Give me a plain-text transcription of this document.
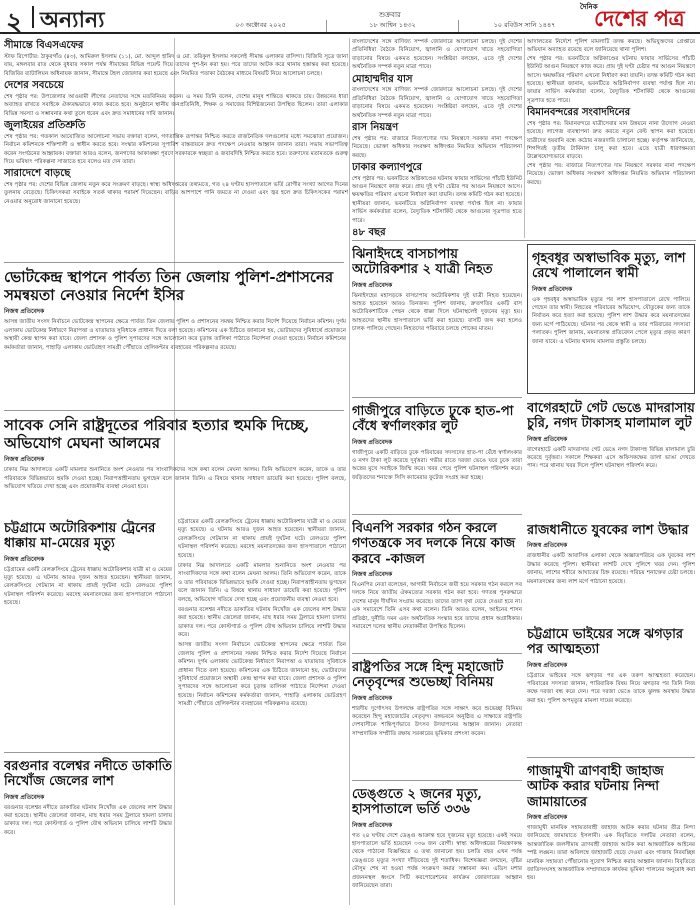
২ অন্যান্য	শুক্রবার
০৩ অক্টোবর ২০২৫	১৮ আশ্বিন ১৪৩২	১০ রবিউস সানি ১৪৪৭
দৈনিক
দেশের পত্র
সীমান্তে বিএসএফের
স্টাফ রিপোর্টার: ঠাকুরগাঁও (৪৩), আমিরুল ইসলাম (১১), মো. আব্দুল হামিদ ও মো. তরিকুল ইসলাম সকলেই সীমান্ত এলাকার বাসিন্দা। বিজিবি সূত্রে জানা যায়, মঙ্গলবার রাত থেকে বুধবার সকাল পর্যন্ত সীমান্তের বিভিন্ন পয়েন্ট দিয়ে তাদের পুশ-ইন করা হয়। পরে তাদের আটক করে থানায় হস্তান্তর করা হয়েছে। বিজিবির ব্যাটালিয়ন অধিনায়ক জানান, সীমান্তে টহল জোরদার করা হয়েছে এবং নিয়মিত পতাকা বৈঠকের মাধ্যমে বিষয়টি নিয়ে আলোচনা চলছে।
দেশের সবচেয়ে
শেষ পৃষ্ঠার পর: উপজেলার আওয়ামী লীগের নেতাদের সঙ্গে মতবিনিময় করেন। এ সময় তিনি বলেন, দেশের মানুষ শান্তিতে থাকতে চায়। উন্নয়নের ধারা অব্যাহত রাখতে সবাইকে ঐক্যবদ্ধভাবে কাজ করতে হবে। অনুষ্ঠানে স্থানীয় জনপ্রতিনিধি, শিক্ষক ও সমাজের বিশিষ্টজনেরা উপস্থিত ছিলেন। তারা এলাকার বিভিন্ন সমস্যা ও সম্ভাবনার কথা তুলে ধরেন এবং দ্রুত সমাধানের দাবি জানান।
জুলাইয়ের প্রতিশ্রুতি
শেষ পৃষ্ঠার পর: গতকাল আয়োজিত আলোচনা সভায় বক্তারা বলেন, গণতান্ত্রিক রূপান্তর নিশ্চিত করতে রাজনৈতিক দলগুলোর মধ্যে সমঝোতা প্রয়োজন। নির্বাচন কমিশনকে শক্তিশালী ও স্বাধীন করতে হবে। সংস্কার কমিশনের সুপারিশ বাস্তবায়নে দ্রুত পদক্ষেপ নেওয়ার আহ্বান জানান তারা। সভায় সভাপতিত্ব করেন সংগঠনের আহ্বায়ক। বক্তারা আরও বলেন, জনগণের আকাঙ্ক্ষা পূরণে সরকারকে স্বচ্ছতা ও জবাবদিহি নিশ্চিত করতে হবে। তরুণদের মতামতকে গুরুত্ব দিয়ে ভবিষ্যৎ পরিকল্পনা সাজাতে হবে বলেও মত দেন তারা।
সারাদেশে বাড়ছে
শেষ পৃষ্ঠার পর: দেশের বিভিন্ন জেলায় নতুন করে সংক্রমণ বাড়ছে। স্বাস্থ্য অধিদপ্তরের তথ্যমতে, গত ২৪ ঘণ্টায় হাসপাতালে ভর্তি রোগীর সংখ্যা আগের দিনের তুলনায় বেড়েছে। চিকিৎসকরা সবাইকে সতর্ক থাকার পরামর্শ দিয়েছেন। বাড়ির আশপাশে পানি জমতে না দেওয়া এবং জ্বর হলে দ্রুত চিকিৎসকের পরামর্শ নেওয়ার অনুরোধ জানানো হয়েছে।
ভোটকেন্দ্র স্থাপনে পার্বত্য তিন জেলায় পুলিশ-প্রশাসনের সমন্বয়তা নেওয়ার নির্দেশ ইসির
নিজস্ব প্রতিবেদক
আসন্ন জাতীয় সংসদ নির্বাচনে ভোটকেন্দ্র স্থাপনের ক্ষেত্রে পার্বত্য তিন জেলায় পুলিশ ও প্রশাসনের সমন্বয় নিশ্চিত করার নির্দেশ দিয়েছে নির্বাচন কমিশন। দুর্গম এলাকায় ভোটকেন্দ্র নির্ধারণে নিরাপত্তা ও যাতায়াত সুবিধাকে প্রাধান্য দিতে বলা হয়েছে। কমিশনের এক চিঠিতে জানানো হয়, ভোটারদের সুবিধার্থে প্রয়োজনে অস্থায়ী কেন্দ্র স্থাপন করা যাবে। জেলা প্রশাসক ও পুলিশ সুপারদের সঙ্গে আলোচনা করে চূড়ান্ত তালিকা পাঠাতে নির্দেশনা দেওয়া হয়েছে। নির্বাচন কমিশনের কর্মকর্তারা জানান, পাহাড়ি এলাকায় ভোটগ্রহণ সামগ্রী পৌঁছাতে হেলিকপ্টার ব্যবহারের পরিকল্পনাও রয়েছে।
সাবেক সেনি রাষ্ট্রদূতের পরিবার হত্যার হুমকি দিচ্ছে, অভিযোগ মেঘনা আলমের
নিজস্ব প্রতিবেদক
ঢাকার নিম্ন আদালতে একটি মামলার শুনানিতে অংশ নেওয়ার পর সাংবাদিকদের সঙ্গে কথা বলেন মেঘনা আলম। তিনি অভিযোগ করেন, তাকে ও তার পরিবারকে বিভিন্নভাবে হুমকি দেওয়া হচ্ছে। নিরাপত্তাহীনতায় ভুগছেন বলে জানান তিনি। এ বিষয়ে থানায় সাধারণ ডায়েরি করা হয়েছে। পুলিশ বলছে, অভিযোগ খতিয়ে দেখা হচ্ছে এবং প্রয়োজনীয় ব্যবস্থা নেওয়া হবে।
চট্টগ্রামে অটোরিকশায় ট্রেনের ধাক্কায় মা-মেয়ের মৃত্যু
নিজস্ব প্রতিবেদক
চট্টগ্রামের একটি রেলক্রসিংয়ে ট্রেনের ধাক্কায় অটোরিকশার যাত্রী মা ও মেয়ের মৃত্যু হয়েছে। এ ঘটনায় আরও দুজন আহত হয়েছেন। স্থানীয়রা জানান, রেলক্রসিংয়ে গেটম্যান না থাকায় প্রায়ই দুর্ঘটনা ঘটে। রেলওয়ে পুলিশ ঘটনাস্থল পরিদর্শন করেছে। মরদেহ ময়নাতদন্তের জন্য হাসপাতালে পাঠানো হয়েছে।
বরগুনার বলেশ্বর নদীতে ডাকাতি নিখোঁজ জেলের লাশ
নিজস্ব প্রতিবেদক
বরগুনার বলেশ্বর নদীতে ডাকাতির ঘটনায় নিখোঁজ এক জেলের লাশ উদ্ধার করা হয়েছে। স্থানীয় জেলেরা জানান, মাছ ধরার সময় ট্রলারে হামলা চালায় ডাকাত দল। পরে কোস্টগার্ড ও পুলিশ যৌথ অভিযান চালিয়ে লাশটি উদ্ধার করে।
চট্টগ্রামের একটি রেলক্রসিংয়ে ট্রেনের ধাক্কায় অটোরিকশার যাত্রী মা ও মেয়ের মৃত্যু হয়েছে। এ ঘটনায় আরও দুজন আহত হয়েছেন। স্থানীয়রা জানান, রেলক্রসিংয়ে গেটম্যান না থাকায় প্রায়ই দুর্ঘটনা ঘটে। রেলওয়ে পুলিশ ঘটনাস্থল পরিদর্শন করেছে। মরদেহ ময়নাতদন্তের জন্য হাসপাতালে পাঠানো হয়েছে।
ঢাকার নিম্ন আদালতে একটি মামলার শুনানিতে অংশ নেওয়ার পর সাংবাদিকদের সঙ্গে কথা বলেন মেঘনা আলম। তিনি অভিযোগ করেন, তাকে ও তার পরিবারকে বিভিন্নভাবে হুমকি দেওয়া হচ্ছে। নিরাপত্তাহীনতায় ভুগছেন বলে জানান তিনি। এ বিষয়ে থানায় সাধারণ ডায়েরি করা হয়েছে। পুলিশ বলছে, অভিযোগ খতিয়ে দেখা হচ্ছে এবং প্রয়োজনীয় ব্যবস্থা নেওয়া হবে।
বরগুনার বলেশ্বর নদীতে ডাকাতির ঘটনায় নিখোঁজ এক জেলের লাশ উদ্ধার করা হয়েছে। স্থানীয় জেলেরা জানান, মাছ ধরার সময় ট্রলারে হামলা চালায় ডাকাত দল। পরে কোস্টগার্ড ও পুলিশ যৌথ অভিযান চালিয়ে লাশটি উদ্ধার করে।
আসন্ন জাতীয় সংসদ নির্বাচনে ভোটকেন্দ্র স্থাপনের ক্ষেত্রে পার্বত্য তিন জেলায় পুলিশ ও প্রশাসনের সমন্বয় নিশ্চিত করার নির্দেশ দিয়েছে নির্বাচন কমিশন। দুর্গম এলাকায় ভোটকেন্দ্র নির্ধারণে নিরাপত্তা ও যাতায়াত সুবিধাকে প্রাধান্য দিতে বলা হয়েছে। কমিশনের এক চিঠিতে জানানো হয়, ভোটারদের সুবিধার্থে প্রয়োজনে অস্থায়ী কেন্দ্র স্থাপন করা যাবে। জেলা প্রশাসক ও পুলিশ সুপারদের সঙ্গে আলোচনা করে চূড়ান্ত তালিকা পাঠাতে নির্দেশনা দেওয়া হয়েছে। নির্বাচন কমিশনের কর্মকর্তারা জানান, পাহাড়ি এলাকায় ভোটগ্রহণ সামগ্রী পৌঁছাতে হেলিকপ্টার ব্যবহারের পরিকল্পনাও রয়েছে।
বাংলাদেশের সঙ্গে বাণিজ্য সম্পর্ক জোরদারে আলোচনা চলছে। দুই দেশের প্রতিনিধিরা বৈঠকে বিনিয়োগ, জ্বালানি ও যোগাযোগ খাতে সহযোগিতা বাড়ানোর বিষয়ে একমত হয়েছেন। সংশ্লিষ্টরা বলছেন, এতে দুই দেশের অর্থনৈতিক সম্পর্ক নতুন মাত্রা পাবে।
মোহাম্মদীর যাস
বাংলাদেশের সঙ্গে বাণিজ্য সম্পর্ক জোরদারে আলোচনা চলছে। দুই দেশের প্রতিনিধিরা বৈঠকে বিনিয়োগ, জ্বালানি ও যোগাযোগ খাতে সহযোগিতা বাড়ানোর বিষয়ে একমত হয়েছেন। সংশ্লিষ্টরা বলছেন, এতে দুই দেশের অর্থনৈতিক সম্পর্ক নতুন মাত্রা পাবে।
রাস নিয়ন্ত্রণ
শেষ পৃষ্ঠার পর: বাজারে নিত্যপণ্যের দাম নিয়ন্ত্রণে সরকার নানা পদক্ষেপ নিয়েছে। ভোক্তা অধিকার সংরক্ষণ অধিদপ্তর নিয়মিত অভিযান পরিচালনা করছে।
ঢাকার কল্যাণপুরে
শেষ পৃষ্ঠার পর: ভবনটিতে অগ্নিকাণ্ডের ঘটনায় ফায়ার সার্ভিসের পাঁচটি ইউনিট আগুন নিয়ন্ত্রণে কাজ করে। প্রায় দুই ঘণ্টা চেষ্টার পর আগুন নিয়ন্ত্রণে আসে। ক্ষয়ক্ষতির পরিমাণ এখনো নির্ধারণ করা যায়নি। তদন্ত কমিটি গঠন করা হয়েছে। স্থানীয়রা জানান, ভবনটিতে অগ্নিনির্বাপণ ব্যবস্থা পর্যাপ্ত ছিল না। ফায়ার সার্ভিস কর্মকর্তারা বলেন, বৈদ্যুতিক শর্টসার্কিট থেকে আগুনের সূত্রপাত হতে পারে।
৪৮ বছর
আদালতের নির্দেশে পুলিশ মামলাটি তদন্ত করছে। অভিযুক্তদের গ্রেপ্তারে অভিযান অব্যাহত রয়েছে বলে জানিয়েছে থানা পুলিশ।
শেষ পৃষ্ঠার পর: ভবনটিতে অগ্নিকাণ্ডের ঘটনায় ফায়ার সার্ভিসের পাঁচটি ইউনিট আগুন নিয়ন্ত্রণে কাজ করে। প্রায় দুই ঘণ্টা চেষ্টার পর আগুন নিয়ন্ত্রণে আসে। ক্ষয়ক্ষতির পরিমাণ এখনো নির্ধারণ করা যায়নি। তদন্ত কমিটি গঠন করা হয়েছে। স্থানীয়রা জানান, ভবনটিতে অগ্নিনির্বাপণ ব্যবস্থা পর্যাপ্ত ছিল না। ফায়ার সার্ভিস কর্মকর্তারা বলেন, বৈদ্যুতিক শর্টসার্কিট থেকে আগুনের সূত্রপাত হতে পারে।
বিমানবন্দরের সংবাদদিনের
শেষ পৃষ্ঠার পর: বিমানবন্দরে যাত্রীসেবার মান উন্নয়নে নানা উদ্যোগ নেওয়া হয়েছে। লাগেজ ব্যবস্থাপনা দ্রুত করতে নতুন বেল্ট স্থাপন করা হয়েছে। যাত্রীদের হয়রানি বন্ধে কঠোর নজরদারি চালানো হচ্ছে। কর্তৃপক্ষ জানিয়েছে, শিগগিরই তৃতীয় টার্মিনাল চালু করা হবে। এতে যাত্রী ধারণক্ষমতা উল্লেখযোগ্যভাবে বাড়বে।
শেষ পৃষ্ঠার পর: বাজারে নিত্যপণ্যের দাম নিয়ন্ত্রণে সরকার নানা পদক্ষেপ নিয়েছে। ভোক্তা অধিকার সংরক্ষণ অধিদপ্তর নিয়মিত অভিযান পরিচালনা করছে।
ঝিনাইদহে বাসচাপায় অটোরিকশার ২ যাত্রী নিহত
নিজস্ব প্রতিবেদক
ঝিনাইদহের মহাসড়কে বাসচাপায় অটোরিকশার দুই যাত্রী নিহত হয়েছেন। আহত হয়েছেন আরও তিনজন। পুলিশ জানায়, দ্রুতগতির একটি বাস অটোরিকশাটিকে পেছন থেকে ধাক্কা দিলে ঘটনাস্থলেই দুজনের মৃত্যু হয়। আহতদের স্থানীয় হাসপাতালে ভর্তি করা হয়েছে। বাসটি জব্দ করা হলেও চালক পালিয়ে গেছেন। নিহতদের পরিবারে চলছে শোকের মাতম।
গৃহবধূর অস্বাভাবিক মৃত্যু, লাশ রেখে পালালেন স্বামী
নিজস্ব প্রতিবেদক
এক গৃহবধূর অস্বাভাবিক মৃত্যুর পর লাশ হাসপাতালে রেখে পালিয়ে গেছেন তার স্বামী। নিহতের পরিবারের অভিযোগ, যৌতুকের জন্য তাকে নির্যাতন করে হত্যা করা হয়েছে। পুলিশ লাশ উদ্ধার করে ময়নাতদন্তের জন্য মর্গে পাঠিয়েছে। ঘটনার পর থেকে স্বামী ও তার পরিবারের সদস্যরা পলাতক। পুলিশ জানায়, ময়নাতদন্ত প্রতিবেদন পেলে মৃত্যুর প্রকৃত কারণ জানা যাবে। এ ঘটনায় থানায় মামলার প্রস্তুতি চলছে।
গাজীপুরে বাড়িতে ঢুকে হাত-পা বেঁধে স্বর্ণালংকার লুট
নিজস্ব প্রতিবেদক
গাজীপুরে একটি বাড়িতে ঢুকে পরিবারের সদস্যদের হাত-পা বেঁধে স্বর্ণালংকার ও নগদ টাকা লুট করেছে দুর্বৃত্তরা। গভীর রাতে দরজা ভেঙে ঘরে ঢুকে তারা অস্ত্রের মুখে সবাইকে জিম্মি করে। খবর পেয়ে পুলিশ ঘটনাস্থল পরিদর্শন করে। জড়িতদের শনাক্তে সিসি ক্যামেরার ফুটেজ সংগ্রহ করা হচ্ছে।
বাগেরহাটে গেট ভেঙে মাদরাসায় চুরি, নগদ টাকাসহ মালামাল লুট
নিজস্ব প্রতিবেদক
বাগেরহাটে একটি মাদরাসার গেট ভেঙে নগদ টাকাসহ বিভিন্ন মালামাল চুরি করেছে দুর্বৃত্তরা। সকালে শিক্ষকরা এসে অফিসকক্ষের তালা ভাঙা দেখতে পান। পরে থানায় খবর দিলে পুলিশ ঘটনাস্থল পরিদর্শন করে।
বিএনপি সরকার গঠন করলে গণতন্ত্রকে সব দলকে নিয়ে কাজ করবে -কাজল
নিজস্ব প্রতিবেদক
বিএনপির নেতা বলেছেন, আগামী নির্বাচনে জয়ী হয়ে সরকার গঠন করলে সব দলকে নিয়ে জাতীয় ঐকমত্যের সরকার গঠন করা হবে। গণতন্ত্র পুনরুদ্ধারে দেশের মানুষ দীর্ঘদিন সংগ্রাম করেছে। তাদের ত্যাগ বৃথা যেতে দেওয়া হবে না। এক সমাবেশে তিনি এসব কথা বলেন। তিনি আরও বলেন, আইনের শাসন প্রতিষ্ঠা, দুর্নীতি দমন এবং অর্থনৈতিক সংস্কার হবে তাদের প্রধান অগ্রাধিকার। সমাবেশে দলের স্থানীয় নেতাকর্মীরা উপস্থিত ছিলেন।
রাজধানীতে যুবকের লাশ উদ্ধার
নিজস্ব প্রতিবেদক
রাজধানীর একটি আবাসিক এলাকা থেকে অজ্ঞাতপরিচয় এক যুবকের লাশ উদ্ধার করেছে পুলিশ। স্থানীয়রা লাশটি দেখে পুলিশে খবর দেন। পুলিশ জানায়, লাশের শরীরে আঘাতের চিহ্ন রয়েছে। পরিচয় শনাক্তের চেষ্টা চলছে। ময়নাতদন্তের জন্য লাশ মর্গে পাঠানো হয়েছে।
রাষ্ট্রপতির সঙ্গে হিন্দু মহাজোট নেতৃবৃন্দের শুভেচ্ছা বিনিময়
নিজস্ব প্রতিবেদক
শারদীয় দুর্গোৎসব উপলক্ষে রাষ্ট্রপতির সঙ্গে সাক্ষাৎ করে শুভেচ্ছা বিনিময় করেছেন হিন্দু মহাজোটের নেতৃবৃন্দ। বঙ্গভবনে অনুষ্ঠিত এ সাক্ষাতে রাষ্ট্রপতি দেশবাসীকে শান্তিপূর্ণভাবে উৎসব উদযাপনের আহ্বান জানান। নেতারা সাম্প্রদায়িক সম্প্রীতি রক্ষায় সরকারের ভূমিকার প্রশংসা করেন।
চট্টগ্রামে ভাইয়ের সঙ্গে ঝগড়ার পর আত্মহত্যা
নিজস্ব প্রতিবেদক
চট্টগ্রামে ভাইয়ের সঙ্গে ঝগড়ার পর এক তরুণ আত্মহত্যা করেছেন। পরিবারের সদস্যরা জানান, পারিবারিক বিষয় নিয়ে ঝগড়ার পর তিনি নিজ কক্ষে দরজা বন্ধ করে দেন। পরে দরজা ভেঙে তাকে ঝুলন্ত অবস্থায় উদ্ধার করা হয়। পুলিশ অপমৃত্যুর মামলা দায়ের করেছে।
ডেঙ্গুতে ২ জনের মৃত্যু, হাসপাতালে ভর্তি ৩৩৬
নিজস্ব প্রতিবেদক
গত ২৪ ঘণ্টায় দেশে ডেঙ্গু আক্রান্ত হয়ে দুজনের মৃত্যু হয়েছে। একই সময়ে হাসপাতালে ভর্তি হয়েছেন ৩৩৬ জন রোগী। স্বাস্থ্য অধিদপ্তরের নিয়ন্ত্রণকক্ষ থেকে পাঠানো বিজ্ঞপ্তিতে এ তথ্য জানানো হয়। চলতি বছর এখন পর্যন্ত ডেঙ্গুতে মৃত্যুর সংখ্যা দাঁড়িয়েছে দুই শতাধিক। বিশেষজ্ঞরা বলছেন, বৃষ্টির মৌসুম শেষ না হওয়া পর্যন্ত সংক্রমণ কমার সম্ভাবনা কম। এডিস মশার প্রজননস্থল ধ্বংসে সিটি করপোরেশনের কার্যক্রম জোরদারের আহ্বান জানিয়েছেন তারা।
গাজামুখী ত্রাণবাহী জাহাজ আটক করার ঘটনায় নিন্দা জামায়াতের
নিজস্ব প্রতিবেদক
গাজামুখী মানবিক সহায়তাবাহী জাহাজ আটক করার ঘটনার তীব্র নিন্দা জানিয়েছে জামায়াতে ইসলামী। এক বিবৃতিতে দলটির নেতারা বলেন, আন্তর্জাতিক জলসীমায় ত্রাণবাহী জাহাজ আটক করা আন্তর্জাতিক আইনের স্পষ্ট লঙ্ঘন। তারা অবিলম্বে জাহাজটি ছেড়ে দেওয়া এবং গাজায় নিরবচ্ছিন্ন মানবিক সহায়তা পৌঁছানোর সুযোগ নিশ্চিত করার আহ্বান জানান। বিবৃতিতে জাতিসংঘসহ আন্তর্জাতিক সম্প্রদায়কে কার্যকর ভূমিকা পালনের অনুরোধ করা হয়।
